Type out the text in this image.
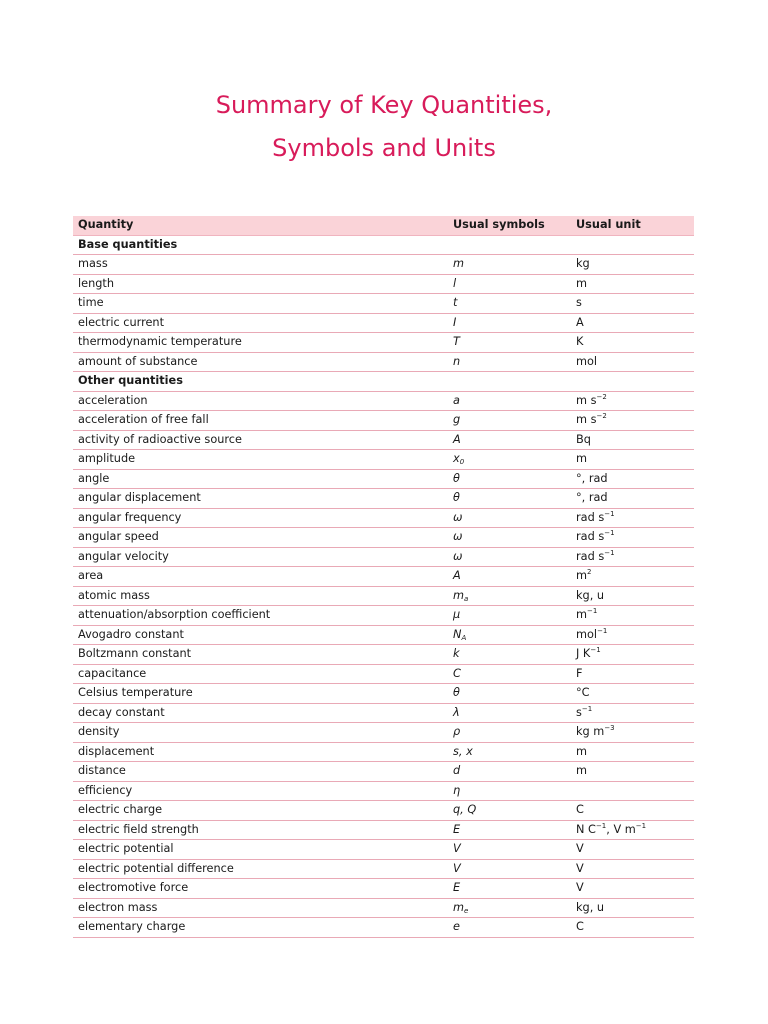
Summary of Key Quantities,
Symbols and Units
Quantity	Usual symbols	Usual unit
Base quantities
mass	m	kg
length	l	m
time	t	s
electric current	I	A
thermodynamic temperature	T	K
amount of substance	n	mol
Other quantities
acceleration	a	m $s^{-2}$
acceleration of free fall	g	m $s^{-2}$
activity of radioactive source	A	Bq
amplitude	$x_0$	m
angle	θ	°, rad
angular displacement	θ	°, rad
angular frequency	ω	rad $s^{-1}$
angular speed	ω	rad $s^{-1}$
angular velocity	ω	rad $s^{-1}$
area	A	$m^2$
atomic mass	$m_a$	kg, u
attenuation/absorption coefficient	μ	$m^{-1}$
Avogadro constant	$N_A$	mol$^{-1}$
Boltzmann constant	k	J $K^{-1}$
capacitance	C	F
Celsius temperature	θ	°C
decay constant	λ	$s^{-1}$
density	ρ	kg $m^{-3}$
displacement	s, x	m
distance	d	m
efficiency	η
electric charge	q, Q	C
electric field strength	E	N $C^{-1}$, V $m^{-1}$
electric potential	V	V
electric potential difference	V	V
electromotive force	E	V
electron mass	$m_e$	kg, u
elementary charge	e	C
